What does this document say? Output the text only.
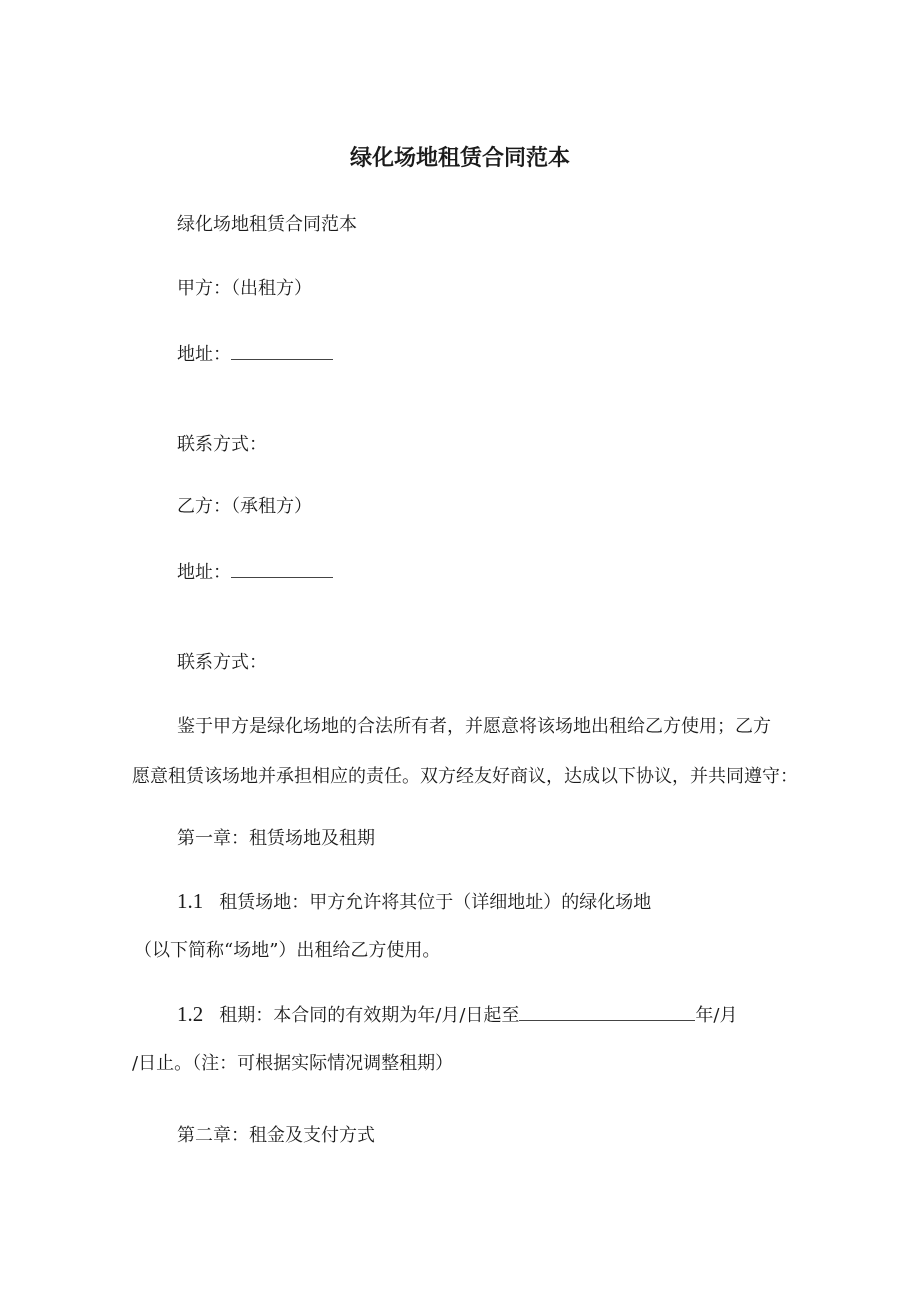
绿化场地租赁合同范本
绿化场地租赁合同范本
甲方：（出租方）
地址：
联系方式：
乙方：（承租方）
地址：
联系方式：
鉴于甲方是绿化场地的合法所有者，并愿意将该场地出租给乙方使用；乙方
愿意租赁该场地并承担相应的责任。双方经友好商议，达成以下协议，并共同遵守：
第一章：租赁场地及租期
1.1 租赁场地：甲方允许将其位于（详细地址）的绿化场地
（以下简称“场地”）出租给乙方使用。
1.2 租期：本合同的有效期为年/月/日起至	年/月
/日止。（注：可根据实际情况调整租期）
第二章：租金及支付方式
